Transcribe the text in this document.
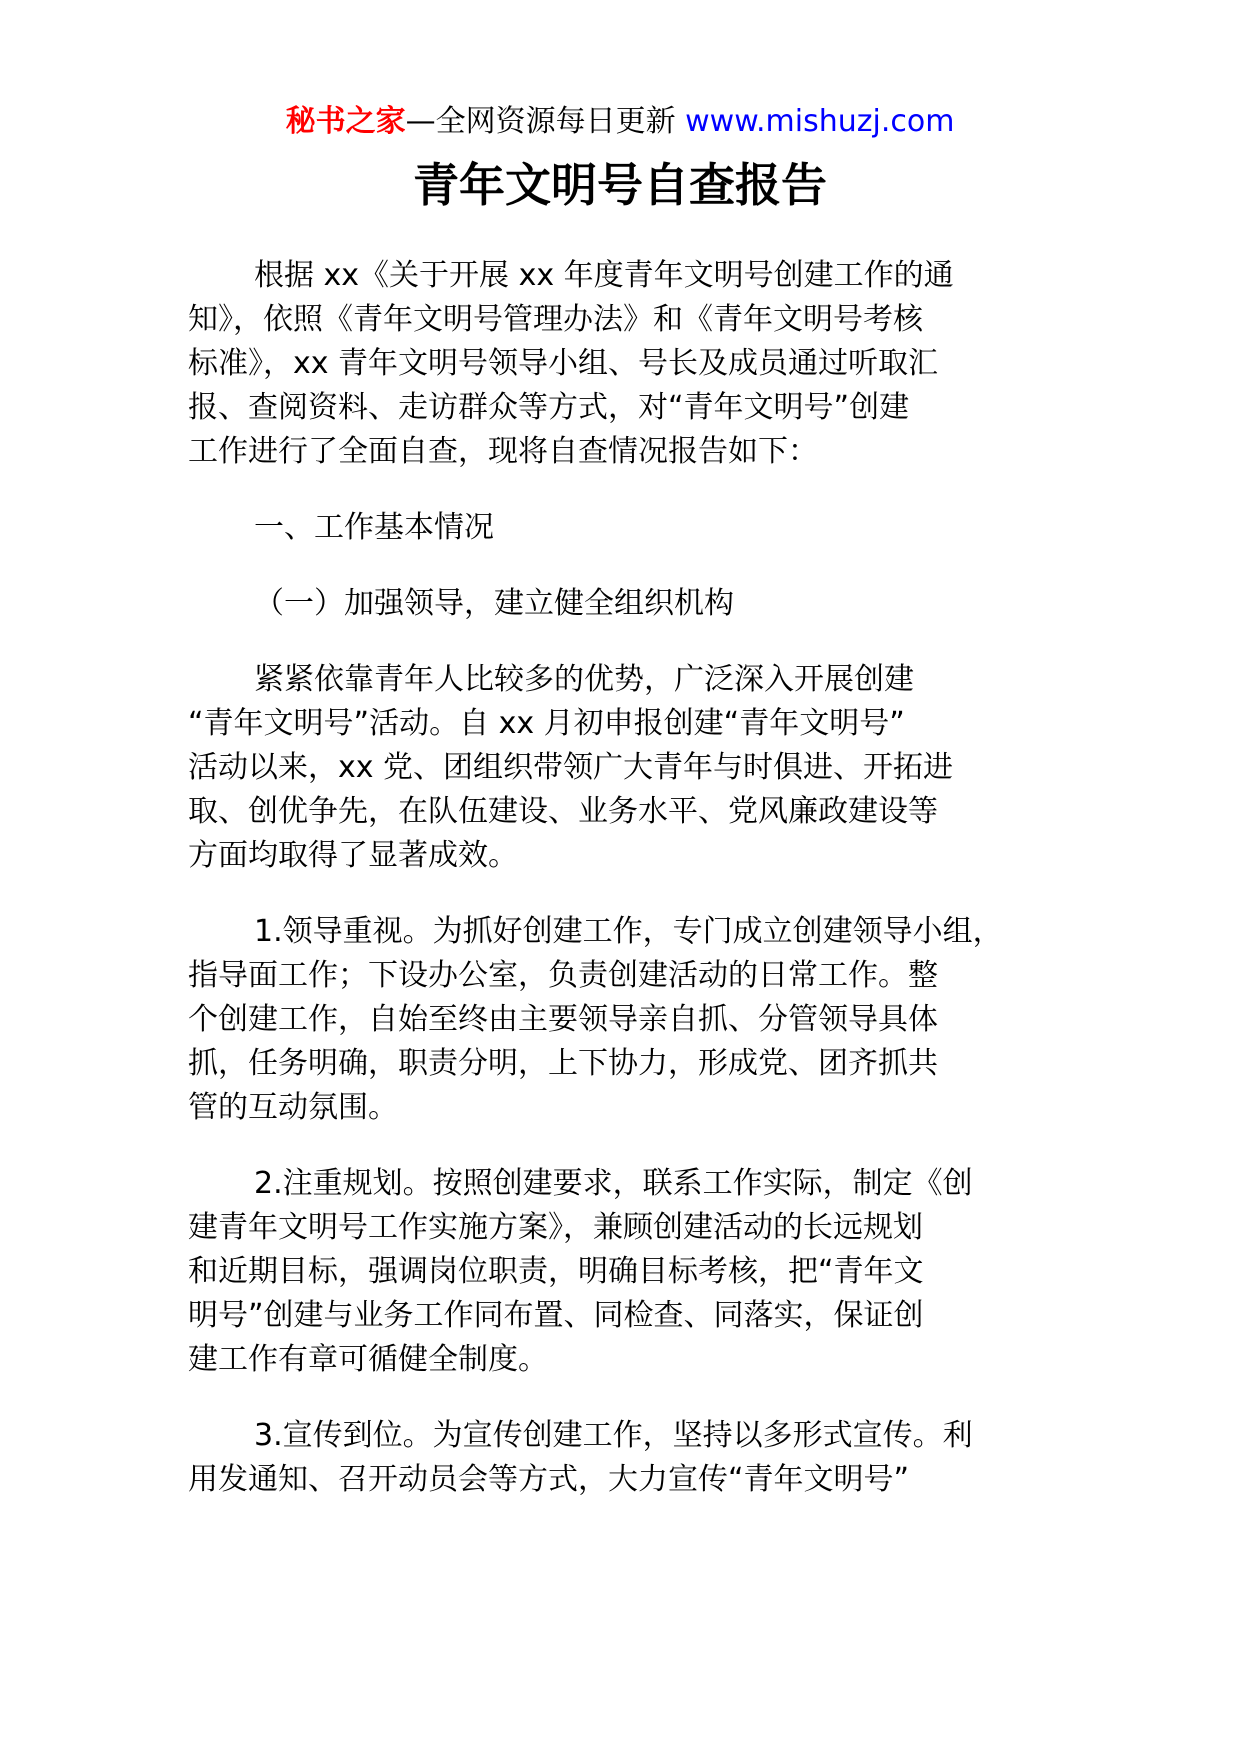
秘书之家—全网资源每日更新 www.mishuzj.com
青年文明号自查报告

根据 xx《关于开展 xx 年度青年文明号创建工作的通
知》，依照《青年文明号管理办法》和《青年文明号考核
标准》，xx 青年文明号领导小组、号长及成员通过听取汇
报、查阅资料、走访群众等方式，对“青年文明号”创建
工作进行了全面自查，现将自查情况报告如下：

一、工作基本情况

（一）加强领导，建立健全组织机构

紧紧依靠青年人比较多的优势，广泛深入开展创建
“青年文明号”活动。自 xx 月初申报创建“青年文明号”
活动以来，xx 党、团组织带领广大青年与时俱进、开拓进
取、创优争先，在队伍建设、业务水平、党风廉政建设等
方面均取得了显著成效。

1.领导重视。为抓好创建工作，专门成立创建领导小组，
指导面工作；下设办公室，负责创建活动的日常工作。整
个创建工作，自始至终由主要领导亲自抓、分管领导具体
抓，任务明确，职责分明，上下协力，形成党、团齐抓共
管的互动氛围。

2.注重规划。按照创建要求，联系工作实际，制定《创
建青年文明号工作实施方案》，兼顾创建活动的长远规划
和近期目标，强调岗位职责，明确目标考核，把“青年文
明号”创建与业务工作同布置、同检查、同落实，保证创
建工作有章可循健全制度。

3.宣传到位。为宣传创建工作，坚持以多形式宣传。利
用发通知、召开动员会等方式，大力宣传“青年文明号”
